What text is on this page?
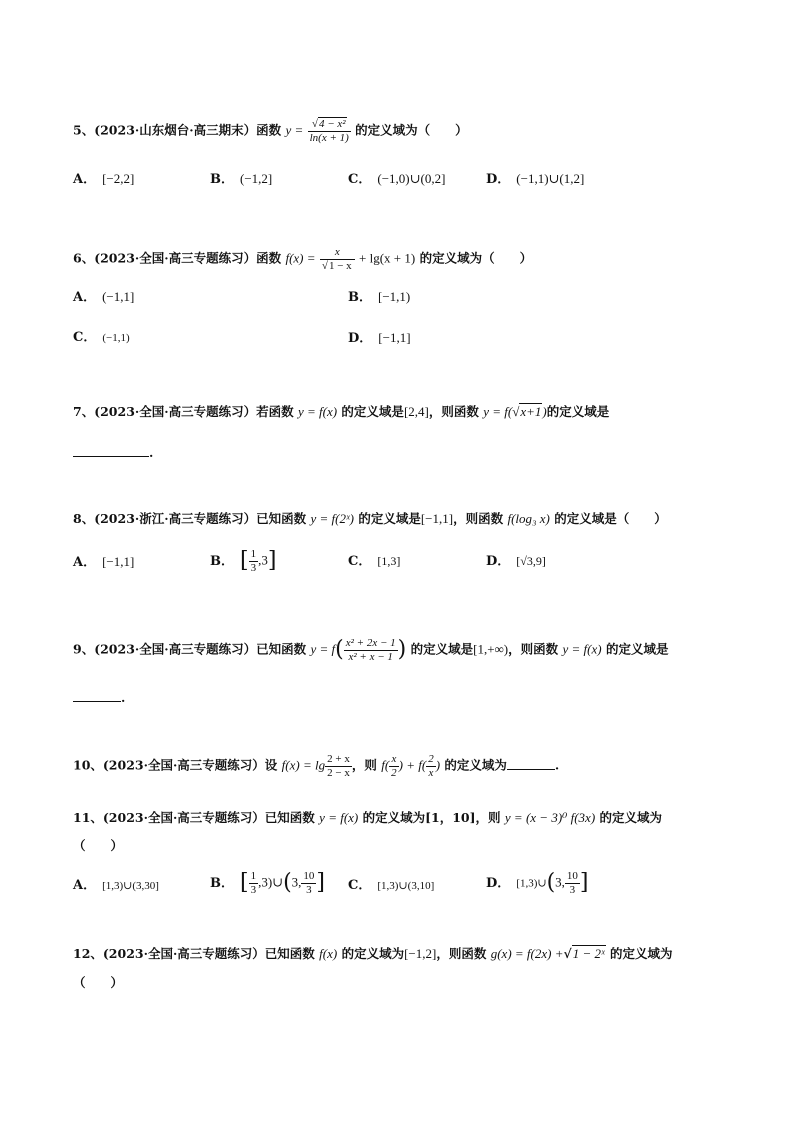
5、(2023·山东烟台·高三期末）函数 $y = \frac{\text{√4 − x²}}{\ln(x + 1)}$ 的定义域为（　　）
A． [−2,2]	B． (−1,2]	C． (−1,0)∪(0,2]	D． (−1,1)∪(1,2]
6、(2023·全国·高三专题练习）函数 $f(x) = \frac{x}{√1 - x} + \lg(x + 1)$ 的定义域为（　　）
A． (−1,1]	B． [−1,1)
C． (−1,1)	D． [−1,1]
7、(2023·全国·高三专题练习）若函数 y = f(x) 的定义域是[2,4]，则函数 y = f(√x+1)的定义域是
.
8、(2023·浙江·高三专题练习）已知函数 y = f(2ˣ) 的定义域是[−1,1]，则函数 f(log₃ x) 的定义域是（　　）
A． [−1,1]	B． [ $\frac{1}{3} ,3$]	C． [1,3]	D． [√3,9]
9、(2023·全国·高三专题练习）已知函数 $y = f( \frac{\text{x² + 2x − 1}}{\text{x² + x − 1}}$ ) 的定义域是[1,+∞)，则函数 y = f(x) 的定义域是
.
10、(2023·全国·高三专题练习）设 $f(x) = \lg \frac{2 + x}{2 - x}$ ，则 $f( \frac{x}{2}$ ) + $f( \frac{2}{x}$ ) 的定义域为	.
11、(2023·全国·高三专题练习）已知函数 y = f(x) 的定义域为[1，10]，则 y = (x − 3)⁰ f(3x) 的定义域为
（　　）
A． [1,3)∪(3,30]	B． [ $\frac{1}{3}$ ,3)∪(3, $\frac{10}{3}$ ] C． [1,3)∪(3,10]	D． [1,3)∪(3, $\frac{10}{3}$ ]
12、(2023·全国·高三专题练习）已知函数 f(x) 的定义域为[−1,2]，则函数 g(x) = f(2x) +√1 − 2ˣ 的定义域为
（　　）
